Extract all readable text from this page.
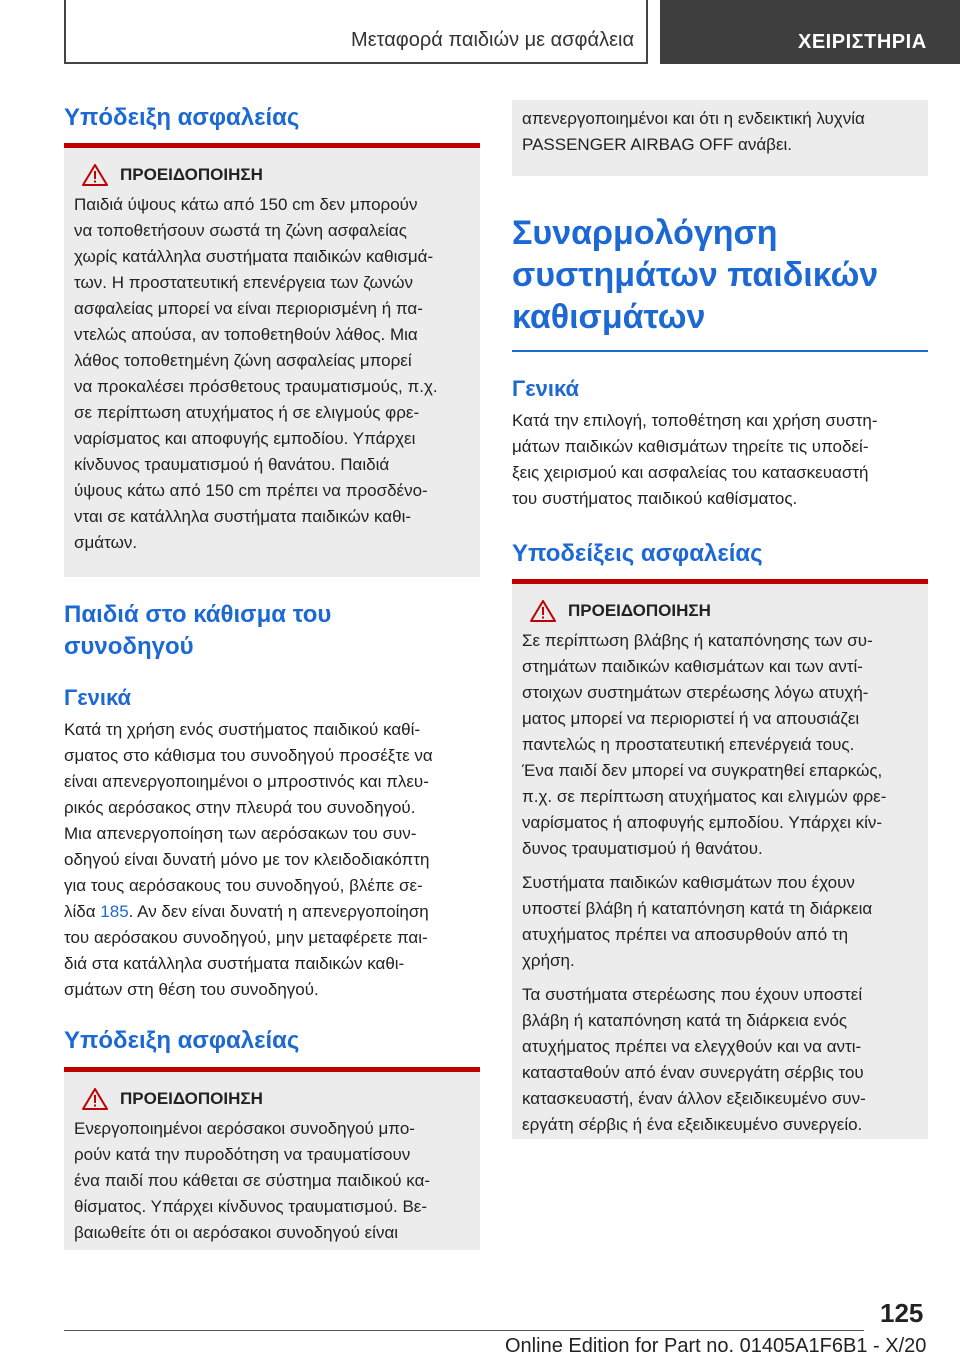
Μεταφορά παιδιών με ασφάλεια	ΧΕΙΡΙΣΤΗΡΙΑ
Υπόδειξη ασφαλείας
ΠΡΟΕΙΔΟΠΟΙΗΣΗ

Παιδιά ύψους κάτω από 150 cm δεν μπορούν
να τοποθετήσουν σωστά τη ζώνη ασφαλείας
χωρίς κατάλληλα συστήματα παιδικών καθισμά‐
των. Η προστατευτική επενέργεια των ζωνών
ασφαλείας μπορεί να είναι περιορισμένη ή πα‐
ντελώς απούσα, αν τοποθετηθούν λάθος. Μια
λάθος τοποθετημένη ζώνη ασφαλείας μπορεί
να προκαλέσει πρόσθετους τραυματισμούς, π.χ.
σε περίπτωση ατυχήματος ή σε ελιγμούς φρε‐
ναρίσματος και αποφυγής εμποδίου. Υπάρχει
κίνδυνος τραυματισμού ή θανάτου. Παιδιά
ύψους κάτω από 150 cm πρέπει να προσδένο‐
νται σε κατάλληλα συστήματα παιδικών καθι‐
σμάτων.

Παιδιά στο κάθισμα του
συνοδηγού
Γενικά

Κατά τη χρήση ενός συστήματος παιδικού καθί‐
σματος στο κάθισμα του συνοδηγού προσέξτε να
είναι απενεργοποιημένοι ο μπροστινός και πλευ‐
ρικός αερόσακος στην πλευρά του συνοδηγού.
Μια απενεργοποίηση των αερόσακων του συν‐
οδηγού είναι δυνατή μόνο με τον κλειδοδιακόπτη
για τους αερόσακους του συνοδηγού, βλέπε σε‐
λίδα 185. Αν δεν είναι δυνατή η απενεργοποίηση
του αερόσακου συνοδηγού, μην μεταφέρετε παι‐
διά στα κατάλληλα συστήματα παιδικών καθι‐
σμάτων στη θέση του συνοδηγού.

Υπόδειξη ασφαλείας
ΠΡΟΕΙΔΟΠΟΙΗΣΗ

Ενεργοποιημένοι αερόσακοι συνοδηγού μπο‐
ρούν κατά την πυροδότηση να τραυματίσουν
ένα παιδί που κάθεται σε σύστημα παιδικού κα‐
θίσματος. Υπάρχει κίνδυνος τραυματισμού. Βε‐
βαιωθείτε ότι οι αερόσακοι συνοδηγού είναι

απενεργοποιημένοι και ότι η ενδεικτική λυχνία
PASSENGER AIRBAG OFF ανάβει.

Συναρμολόγηση
συστημάτων παιδικών
καθισμάτων
Γενικά

Κατά την επιλογή, τοποθέτηση και χρήση συστη‐
μάτων παιδικών καθισμάτων τηρείτε τις υποδεί‐
ξεις χειρισμού και ασφαλείας του κατασκευαστή
του συστήματος παιδικού καθίσματος.

Υποδείξεις ασφαλείας
ΠΡΟΕΙΔΟΠΟΙΗΣΗ

Σε περίπτωση βλάβης ή καταπόνησης των συ‐
στημάτων παιδικών καθισμάτων και των αντί‐
στοιχων συστημάτων στερέωσης λόγω ατυχή‐
ματος μπορεί να περιοριστεί ή να απουσιάζει
παντελώς η προστατευτική επενέργειά τους.
Ένα παιδί δεν μπορεί να συγκρατηθεί επαρκώς,
π.χ. σε περίπτωση ατυχήματος και ελιγμών φρε‐
ναρίσματος ή αποφυγής εμποδίου. Υπάρχει κίν‐
δυνος τραυματισμού ή θανάτου.

Συστήματα παιδικών καθισμάτων που έχουν
υποστεί βλάβη ή καταπόνηση κατά τη διάρκεια
ατυχήματος πρέπει να αποσυρθούν από τη
χρήση.

Τα συστήματα στερέωσης που έχουν υποστεί
βλάβη ή καταπόνηση κατά τη διάρκεια ενός
ατυχήματος πρέπει να ελεγχθούν και να αντι‐
κατασταθούν από έναν συνεργάτη σέρβις του
κατασκευαστή, έναν άλλον εξειδικευμένο συν‐
εργάτη σέρβις ή ένα εξειδικευμένο συνεργείο.

125
Online Edition for Part no. 01405A1F6B1 - X/20
